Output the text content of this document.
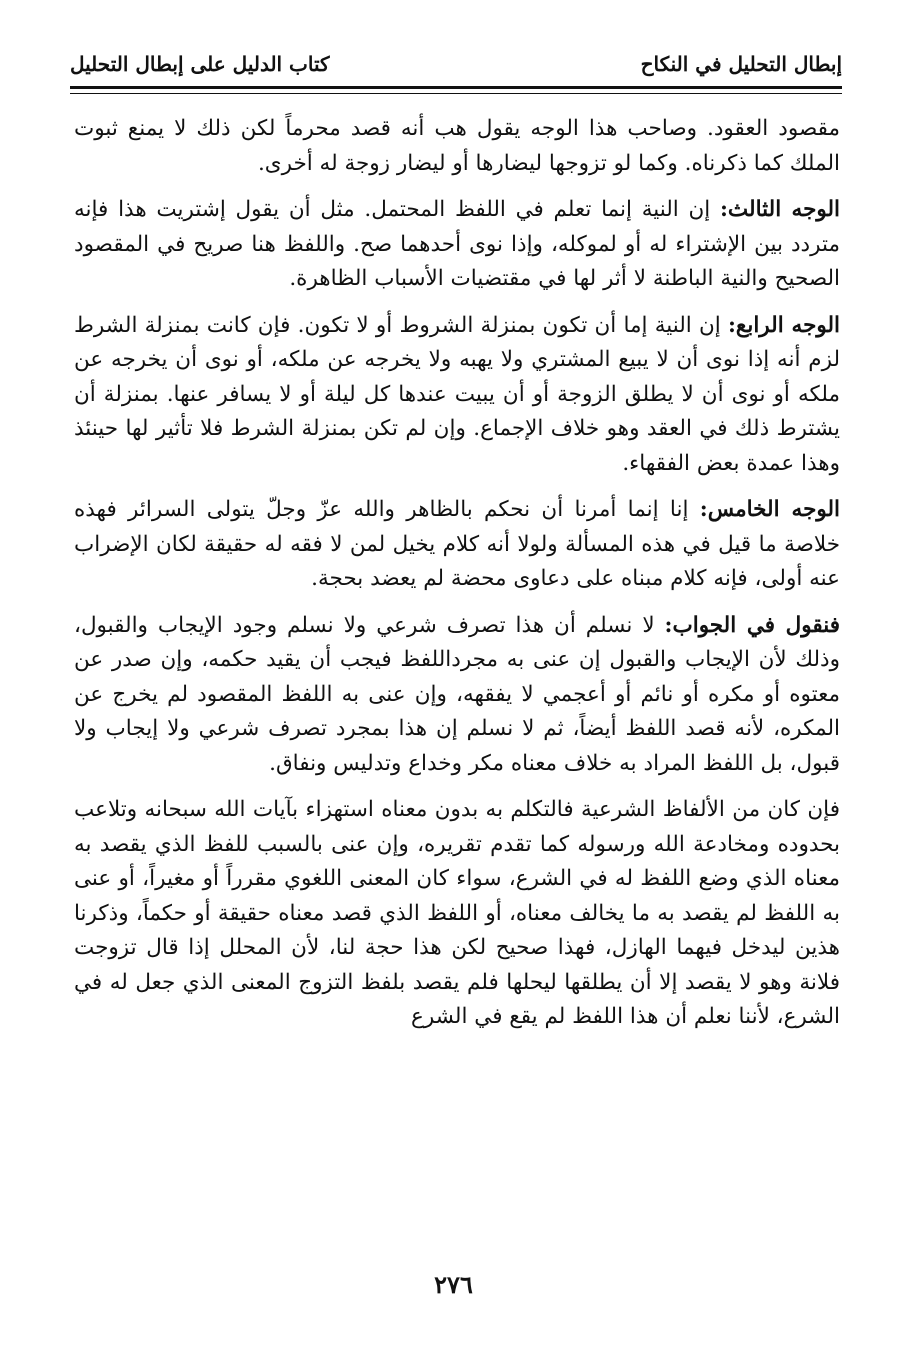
إبطال التحليل في النكاح
كتاب الدليل على إبطال التحليل

مقصود العقود. وصاحب هذا الوجه يقول هب أنه قصد محرماً لكن ذلك لا يمنع ثبوت الملك كما ذكرناه. وكما لو تزوجها ليضارها أو ليضار زوجة له أخرى.

الوجه الثالث: إن النية إنما تعلم في اللفظ المحتمل. مثل أن يقول إشتريت هذا فإنه متردد بين الإشتراء له أو لموكله، وإذا نوى أحدهما صح. واللفظ هنا صريح في المقصود الصحيح والنية الباطنة لا أثر لها في مقتضيات الأسباب الظاهرة.

الوجه الرابع: إن النية إما أن تكون بمنزلة الشروط أو لا تكون. فإن كانت بمنزلة الشرط لزم أنه إذا نوى أن لا يبيع المشتري ولا يهبه ولا يخرجه عن ملكه، أو نوى أن يخرجه عن ملكه أو نوى أن لا يطلق الزوجة أو أن يبيت عندها كل ليلة أو لا يسافر عنها. بمنزلة أن يشترط ذلك في العقد وهو خلاف الإجماع. وإن لم تكن بمنزلة الشرط فلا تأثير لها حينئذ وهذا عمدة بعض الفقهاء.

الوجه الخامس: إنا إنما أمرنا أن نحكم بالظاهر والله عزّ وجلّ يتولى السرائر فهذه خلاصة ما قيل في هذه المسألة ولولا أنه كلام يخيل لمن لا فقه له حقيقة لكان الإضراب عنه أولى، فإنه كلام مبناه على دعاوى محضة لم يعضد بحجة.

فنقول في الجواب: لا نسلم أن هذا تصرف شرعي ولا نسلم وجود الإيجاب والقبول، وذلك لأن الإيجاب والقبول إن عنى به مجرداللفظ فيجب أن يقيد حكمه، وإن صدر عن معتوه أو مكره أو نائم أو أعجمي لا يفقهه، وإن عنى به اللفظ المقصود لم يخرج عن المكره، لأنه قصد اللفظ أيضاً، ثم لا نسلم إن هذا بمجرد تصرف شرعي ولا إيجاب ولا قبول، بل اللفظ المراد به خلاف معناه مكر وخداع وتدليس ونفاق.

فإن كان من الألفاظ الشرعية فالتكلم به بدون معناه استهزاء بآيات الله سبحانه وتلاعب بحدوده ومخادعة الله ورسوله كما تقدم تقريره، وإن عنى بالسبب للفظ الذي يقصد به معناه الذي وضع اللفظ له في الشرع، سواء كان المعنى اللغوي مقرراً أو مغيراً، أو عنى به اللفظ لم يقصد به ما يخالف معناه، أو اللفظ الذي قصد معناه حقيقة أو حكماً، وذكرنا هذين ليدخل فيهما الهازل، فهذا صحيح لكن هذا حجة لنا، لأن المحلل إذا قال تزوجت فلانة وهو لا يقصد إلا أن يطلقها ليحلها فلم يقصد بلفظ التزوج المعنى الذي جعل له في الشرع، لأننا نعلم أن هذا اللفظ لم يقع في الشرع

٢٧٦
